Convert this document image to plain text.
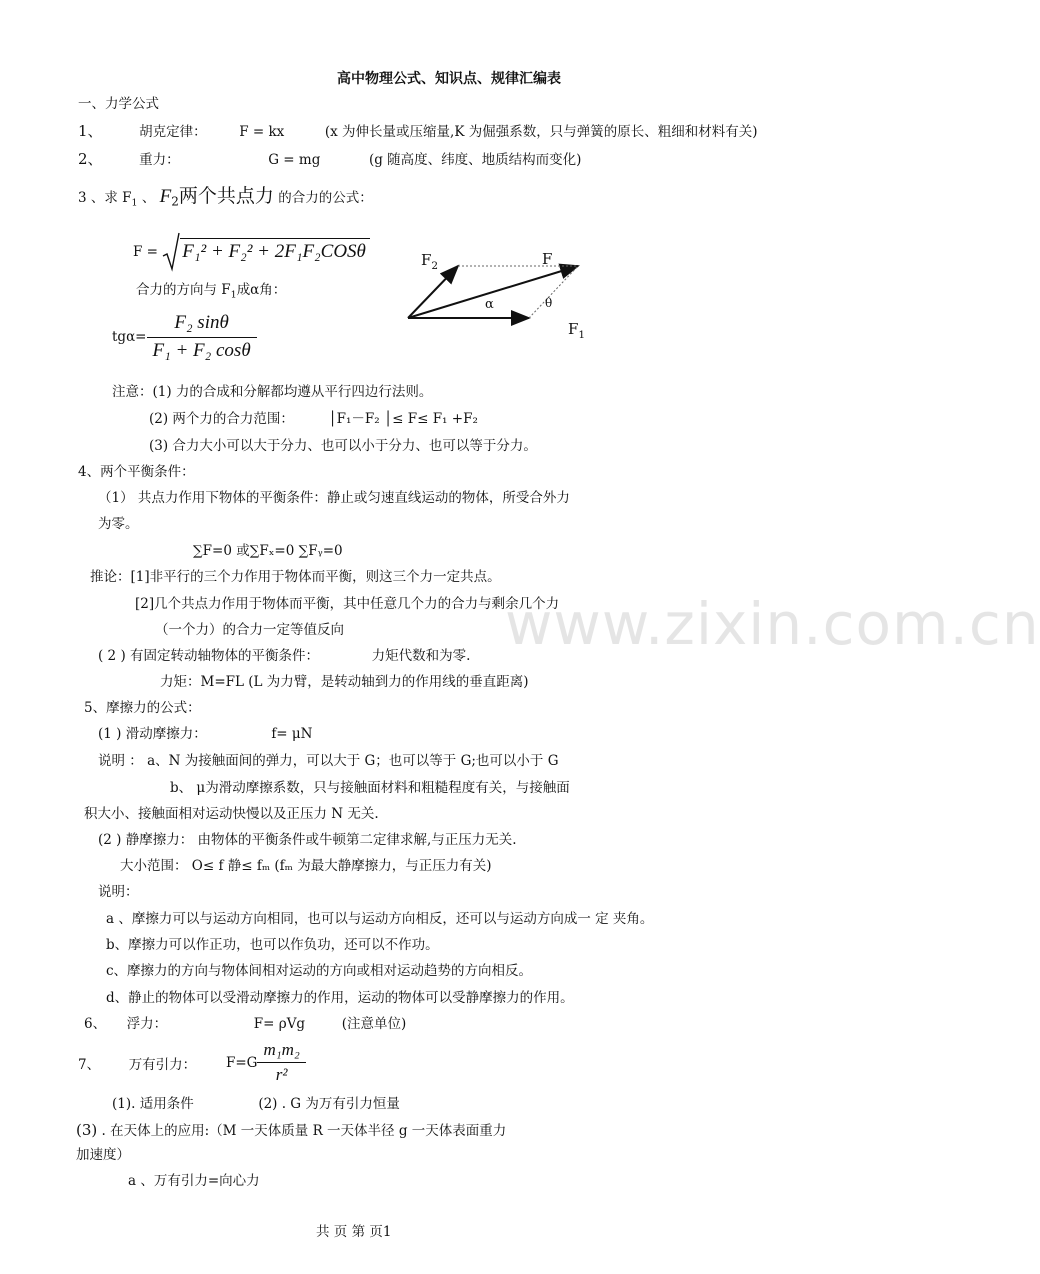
www.zixin.com.cn
高中物理公式、知识点、规律汇编表
一、力学公式
1、	胡克定律： F = kx	(x 为伸长量或压缩量,K 为倔强系数，只与弹簧的原长、粗细和材料有关)
2、	重力：	G = mg	(g 随高度、纬度、地质结构而变化)
3 、求 $F_1$ 、 $F_2$两个共点力 的合力的公式：
F = F₁² + F₂² + 2F₁F₂COSθ
合力的方向与 $F_1$成α角：
$tg\alpha= \frac{\text{F₂ sinθ}}{\text{F₁ + F₂ cosθ}}$
$F_2$	F
$F_1$
α	θ
注意：(1) 力的合成和分解都均遵从平行四边行法则。
(2) 两个力的合力范围：	│F₁－F₂ │≤ F≤ F₁ +F₂
(3) 合力大小可以大于分力、也可以小于分力、也可以等于分力。
4、两个平衡条件：
（1） 共点力作用下物体的平衡条件：静止或匀速直线运动的物体，所受合外力
为零。
∑F=0 或∑Fₓ=0 ∑Fᵧ=0
推论：[1]非平行的三个力作用于物体而平衡，则这三个力一定共点。
[2]几个共点力作用于物体而平衡，其中任意几个力的合力与剩余几个力
（一个力）的合力一定等值反向
( 2 ) 有固定转动轴物体的平衡条件：	力矩代数和为零.
力矩：M=FL (L 为力臂，是转动轴到力的作用线的垂直距离)
5、摩擦力的公式：
(1 ) 滑动摩擦力：	f= μN
说明 ： a、N 为接触面间的弹力，可以大于 G；也可以等于 G;也可以小于 G
b、 μ为滑动摩擦系数，只与接触面材料和粗糙程度有关，与接触面
积大小、接触面相对运动快慢以及正压力 N 无关.
(2 ) 静摩擦力： 由物体的平衡条件或牛顿第二定律求解,与正压力无关.
大小范围： O≤ f 静≤ fₘ (fₘ 为最大静摩擦力，与正压力有关)
说明：
a 、摩擦力可以与运动方向相同，也可以与运动方向相反，还可以与运动方向成一 定 夹角。
b、摩擦力可以作正功，也可以作负功，还可以不作功。
c、摩擦力的方向与物体间相对运动的方向或相对运动趋势的方向相反。
d、静止的物体可以受滑动摩擦力的作用，运动的物体可以受静摩擦力的作用。
6、 浮力：	F= ρVg	(注意单位)
7、 万有引力： $F=G \frac{\text{m₁m₂}}{\text{r²}}$
(1). 适用条件	(2) . G 为万有引力恒量
(3) . 在天体上的应用:（M 一天体质量 R 一天体半径 g 一天体表面重力
加速度）
a 、万有引力=向心力
共 页 第 页1
